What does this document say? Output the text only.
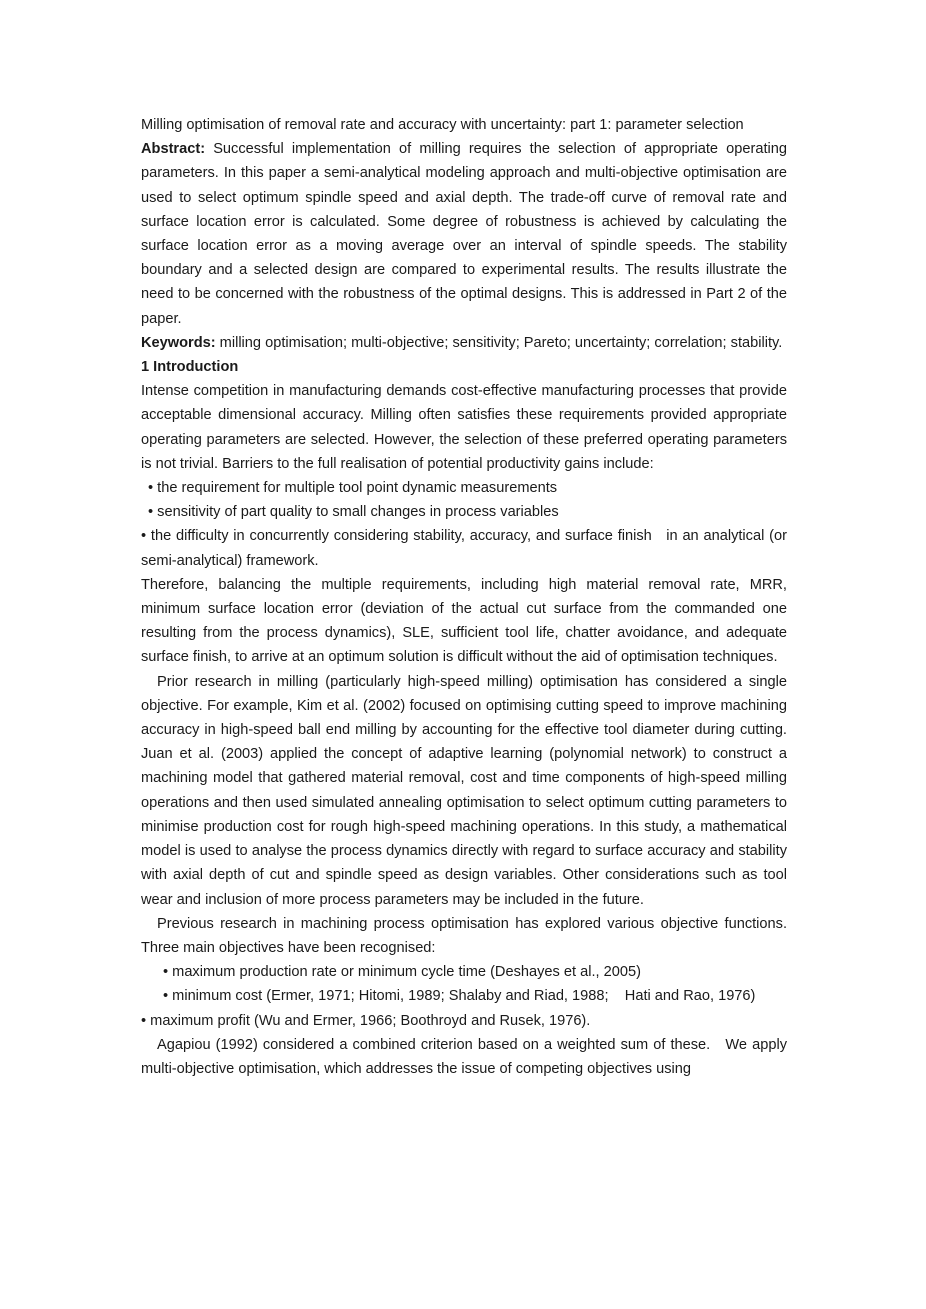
Milling optimisation of removal rate and accuracy with uncertainty: part 1: parameter selection

Abstract: Successful implementation of milling requires the selection of appropriate operating parameters. In this paper a semi-analytical modeling approach and multi-objective optimisation are used to select optimum spindle speed and axial depth. The trade-off curve of removal rate and surface location error is calculated. Some degree of robustness is achieved by calculating the surface location error as a moving average over an interval of spindle speeds. The stability boundary and a selected design are compared to experimental results. The results illustrate the need to be concerned with the robustness of the optimal designs. This is addressed in Part 2 of the paper.

Keywords: milling optimisation; multi-objective; sensitivity; Pareto; uncertainty; correlation; stability.

1 Introduction

Intense competition in manufacturing demands cost-effective manufacturing processes that provide acceptable dimensional accuracy. Milling often satisfies these requirements provided appropriate operating parameters are selected. However, the selection of these preferred operating parameters is not trivial. Barriers to the full realisation of potential productivity gains include:

• the requirement for multiple tool point dynamic measurements

• sensitivity of part quality to small changes in process variables

• the difficulty in concurrently considering stability, accuracy, and surface finish   in an analytical (or semi-analytical) framework.

Therefore, balancing the multiple requirements, including high material removal rate, MRR, minimum surface location error (deviation of the actual cut surface from the commanded one resulting from the process dynamics), SLE, sufficient tool life, chatter avoidance, and adequate surface finish, to arrive at an optimum solution is difficult without the aid of optimisation techniques.

Prior research in milling (particularly high-speed milling) optimisation has considered a single objective. For example, Kim et al. (2002) focused on optimising cutting speed to improve machining accuracy in high-speed ball end milling by accounting for the effective tool diameter during cutting. Juan et al. (2003) applied the concept of adaptive learning (polynomial network) to construct a machining model that gathered material removal, cost and time components of high-speed milling operations and then used simulated annealing optimisation to select optimum cutting parameters to minimise production cost for rough high-speed machining operations. In this study, a mathematical model is used to analyse the process dynamics directly with regard to surface accuracy and stability with axial depth of cut and spindle speed as design variables. Other considerations such as tool wear and inclusion of more process parameters may be included in the future.

Previous research in machining process optimisation has explored various objective functions. Three main objectives have been recognised:

• maximum production rate or minimum cycle time (Deshayes et al., 2005)

• minimum cost (Ermer, 1971; Hitomi, 1989; Shalaby and Riad, 1988;    Hati and Rao, 1976)

• maximum profit (Wu and Ermer, 1966; Boothroyd and Rusek, 1976).

Agapiou (1992) considered a combined criterion based on a weighted sum of these.   We apply multi-objective optimisation, which addresses the issue of competing objectives using
